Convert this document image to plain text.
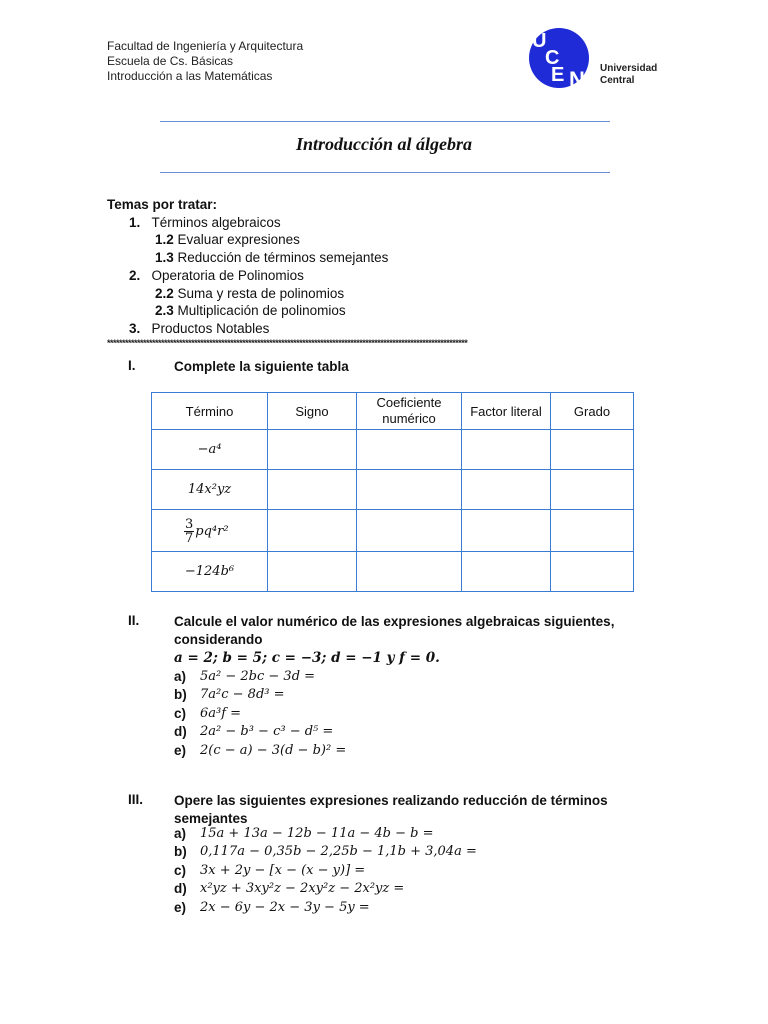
Facultad de Ingeniería y Arquitectura
Escuela de Cs. Básicas
Introducción a las Matemáticas
U
C
E N Universidad
Central
Introducción al álgebra
Temas por tratar:
1. Términos algebraicos
1.2 Evaluar expresiones
1.3 Reducción de términos semejantes
2. Operatoria de Polinomios
2.2 Suma y resta de polinomios
2.3 Multiplicación de polinomios
3. Productos Notables
************************************************************************************************************************
I.	Complete la siguiente tabla
Término	Signo	Coeficiente numérico	Factor literal	Grado
−a⁴				
14x²yz				

$\frac{3}{7} pq^4r^2$				

−124b⁶				
II.	Calcule el valor numérico de las expresiones algebraicas siguientes, considerando
a = 2; b = 5; c = −3; d = −1 y f = 0.
a)	5a² − 2bc − 3d =
b)	7a²c − 8d³ =
c)	6a³f =
d)	2a² − b³ − c³ − d⁵ =
e)	2(c − a) − 3(d − b)² =
III. Opere las siguientes expresiones realizando reducción de términos semejantes
a)	15a + 13a − 12b − 11a − 4b − b =
b)	0,117a − 0,35b − 2,25b − 1,1b + 3,04a =
c)	3x + 2y − [x − (x − y)] =
d)	x²yz + 3xy²z − 2xy²z − 2x²yz =
e)	2x − 6y − 2x − 3y − 5y =
